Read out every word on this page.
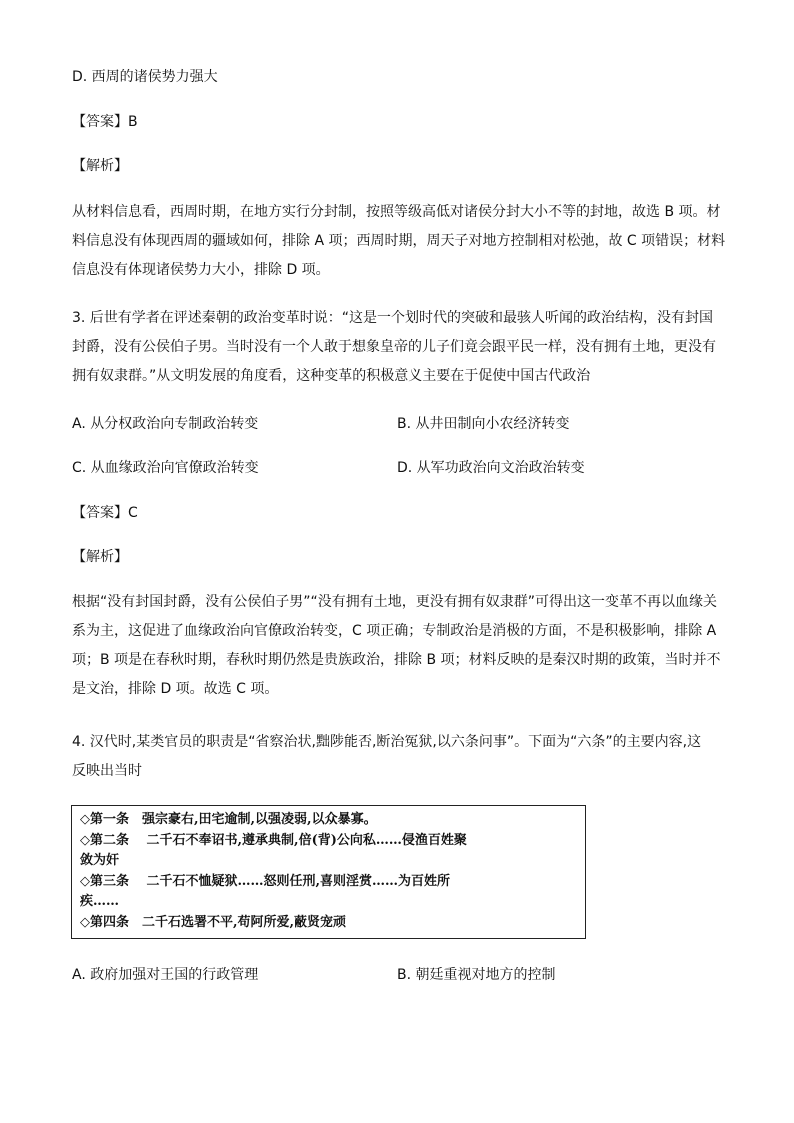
D. 西周的诸侯势力强大
【答案】B
【解析】

从材料信息看，西周时期，在地方实行分封制，按照等级高低对诸侯分封大小不等的封地，故选 B 项。材

料信息没有体现西周的疆域如何，排除 A 项；西周时期，周天子对地方控制相对松弛，故 C 项错误；材料

信息没有体现诸侯势力大小，排除 D 项。

3. 后世有学者在评述秦朝的政治变革时说：“这是一个划时代的突破和最骇人听闻的政治结构，没有封国

封爵，没有公侯伯子男。当时没有一个人敢于想象皇帝的儿子们竟会跟平民一样，没有拥有土地，更没有

拥有奴隶群。”从文明发展的角度看，这种变革的积极意义主要在于促使中国古代政治

A. 从分权政治向专制政治转变	B. 从井田制向小农经济转变
C. 从血缘政治向官僚政治转变	D. 从军功政治向文治政治转变
【答案】C
【解析】

根据“没有封国封爵，没有公侯伯子男”“没有拥有土地，更没有拥有奴隶群”可得出这一变革不再以血缘关

系为主，这促进了血缘政治向官僚政治转变，C 项正确；专制政治是消极的方面，不是积极影响，排除 A

项；B 项是在春秋时期，春秋时期仍然是贵族政治，排除 B 项；材料反映的是秦汉时期的政策，当时并不

是文治，排除 D 项。故选 C 项。

4. 汉代时,某类官员的职责是“省察治状,黜陟能否,断治冤狱,以六条问事”。下面为“六条”的主要内容,这

反映出当时

◇第一条　强宗豪右,田宅逾制,以强凌弱,以众暴寡。
◇第二条　 二千石不奉诏书,遵承典制,倍(背)公向私……侵渔百姓聚
敛为奸
◇第三条　 二千石不恤疑狱……怒则任刑,喜则淫赏……为百姓所
疾……
◇第四条　二千石选署不平,苟阿所爱,蔽贤宠顽
A. 政府加强对王国的行政管理	B. 朝廷重视对地方的控制
